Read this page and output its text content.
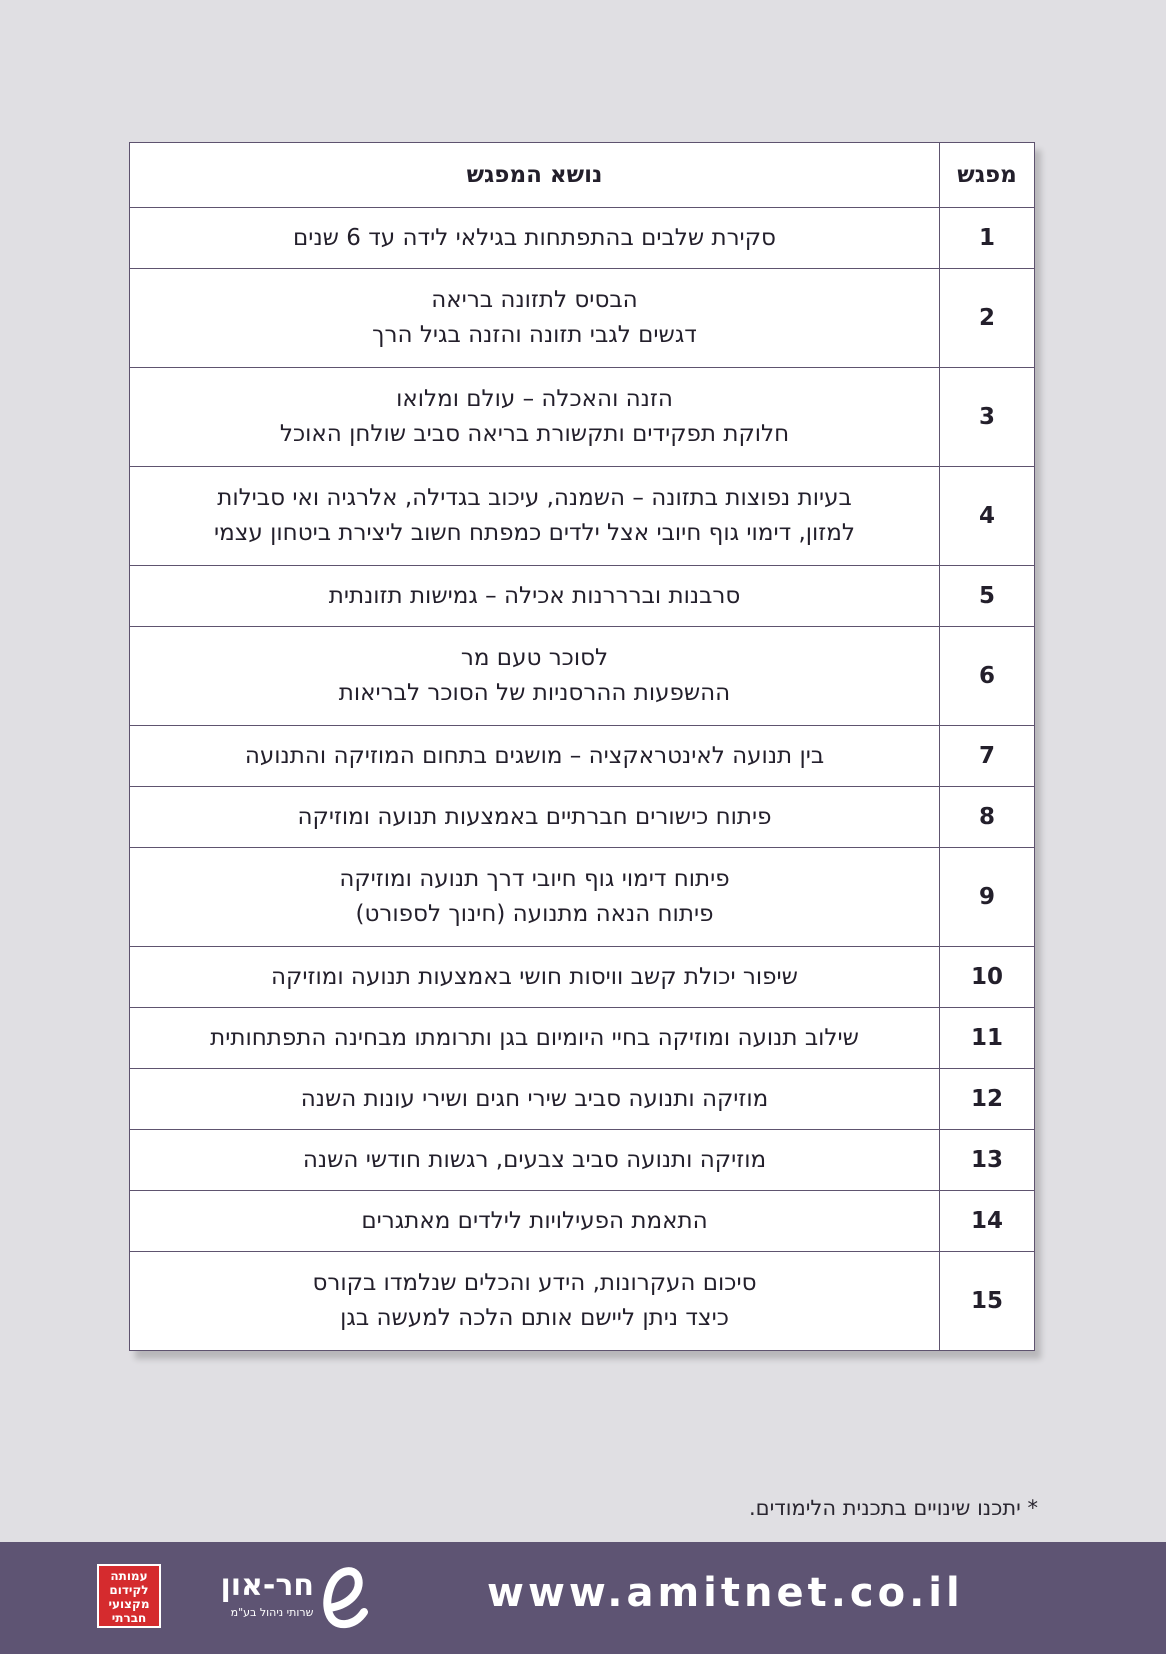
מפגש	נושא המפגש
1	סקירת שלבים בהתפתחות בגילאי לידה עד 6 שנים

2	הבסיס לתזונה בריאה
דגשים לגבי תזונה והזנה בגיל הרך

3	הזנה והאכלה – עולם ומלואו
חלוקת תפקידים ותקשורת בריאה סביב שולחן האוכל

4	בעיות נפוצות בתזונה – השמנה, עיכוב בגדילה, אלרגיה ואי סבילות
למזון, דימוי גוף חיובי אצל ילדים כמפתח חשוב ליצירת ביטחון עצמי

5	סרבנות וברררנות אכילה – גמישות תזונתית

6	לסוכר טעם מר
ההשפעות ההרסניות של הסוכר לבריאות

7	בין תנועה לאינטראקציה – מושגים בתחום המוזיקה והתנועה

8	פיתוח כישורים חברתיים באמצעות תנועה ומוזיקה

9	פיתוח דימוי גוף חיובי דרך תנועה ומוזיקה
פיתוח הנאה מתנועה (חינוך לספורט)

10	שיפור יכולת קשב וויסות חושי באמצעות תנועה ומוזיקה

11	שילוב תנועה ומוזיקה בחיי היומיום בגן ותרומתו מבחינה התפתחותית

12	מוזיקה ותנועה סביב שירי חגים ושירי עונות השנה

13	מוזיקה ותנועה סביב צבעים, רגשות חודשי השנה

14	התאמת הפעילויות לילדים מאתגרים

15	סיכום העקרונות, הידע והכלים שנלמדו בקורס
כיצד ניתן ליישם אותם הלכה למעשה בגן
* יתכנו שינויים בתכנית הלימודים.
www.amitnet.co.il
חר-און
שרותי ניהול בע"מ
עמותה
לקידום
מקצועי
חברתי
